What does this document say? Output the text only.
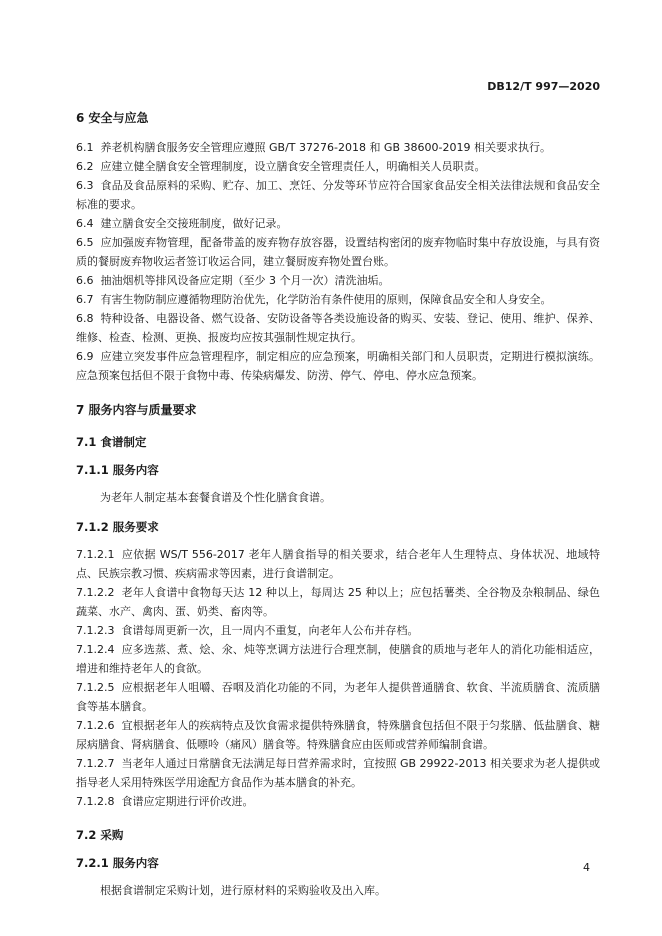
DB12/T 997—2020
6 安全与应急
6.1 养老机构膳食服务安全管理应遵照 GB/T 37276-2018 和 GB 38600-2019 相关要求执行。
6.2 应建立健全膳食安全管理制度，设立膳食安全管理责任人，明确相关人员职责。
6.3 食品及食品原料的采购、贮存、加工、烹饪、分发等环节应符合国家食品安全相关法律法规和食品安全标准的要求。
6.4 建立膳食安全交接班制度，做好记录。
6.5 应加强废弃物管理，配备带盖的废弃物存放容器，设置结构密闭的废弃物临时集中存放设施，与具有资质的餐厨废弃物收运者签订收运合同，建立餐厨废弃物处置台账。
6.6 抽油烟机等排风设备应定期（至少 3 个月一次）清洗油垢。
6.7 有害生物防制应遵循物理防治优先，化学防治有条件使用的原则，保障食品安全和人身安全。
6.8 特种设备、电器设备、燃气设备、安防设备等各类设施设备的购买、安装、登记、使用、维护、保养、维修、检查、检测、更换、报废均应按其强制性规定执行。
6.9 应建立突发事件应急管理程序，制定相应的应急预案，明确相关部门和人员职责，定期进行模拟演练。应急预案包括但不限于食物中毒、传染病爆发、防涝、停气、停电、停水应急预案。
7 服务内容与质量要求
7.1 食谱制定
7.1.1 服务内容
为老年人制定基本套餐食谱及个性化膳食食谱。
7.1.2 服务要求
7.1.2.1 应依据 WS/T 556-2017 老年人膳食指导的相关要求，结合老年人生理特点、身体状况、地域特点、民族宗教习惯、疾病需求等因素，进行食谱制定。
7.1.2.2 老年人食谱中食物每天达 12 种以上，每周达 25 种以上；应包括薯类、全谷物及杂粮制品、绿色蔬菜、水产、禽肉、蛋、奶类、畜肉等。
7.1.2.3 食谱每周更新一次，且一周内不重复，向老年人公布并存档。
7.1.2.4 应多选蒸、煮、烩、氽、炖等烹调方法进行合理烹制，使膳食的质地与老年人的消化功能相适应，增进和维持老年人的食欲。
7.1.2.5 应根据老年人咀嚼、吞咽及消化功能的不同，为老年人提供普通膳食、软食、半流质膳食、流质膳食等基本膳食。
7.1.2.6 宜根据老年人的疾病特点及饮食需求提供特殊膳食，特殊膳食包括但不限于匀浆膳、低盐膳食、糖尿病膳食、肾病膳食、低嘌呤（痛风）膳食等。特殊膳食应由医师或营养师编制食谱。
7.1.2.7 当老年人通过日常膳食无法满足每日营养需求时，宜按照 GB 29922-2013 相关要求为老人提供或指导老人采用特殊医学用途配方食品作为基本膳食的补充。
7.1.2.8 食谱应定期进行评价改进。
7.2 采购
7.2.1 服务内容
根据食谱制定采购计划，进行原材料的采购验收及出入库。
4
